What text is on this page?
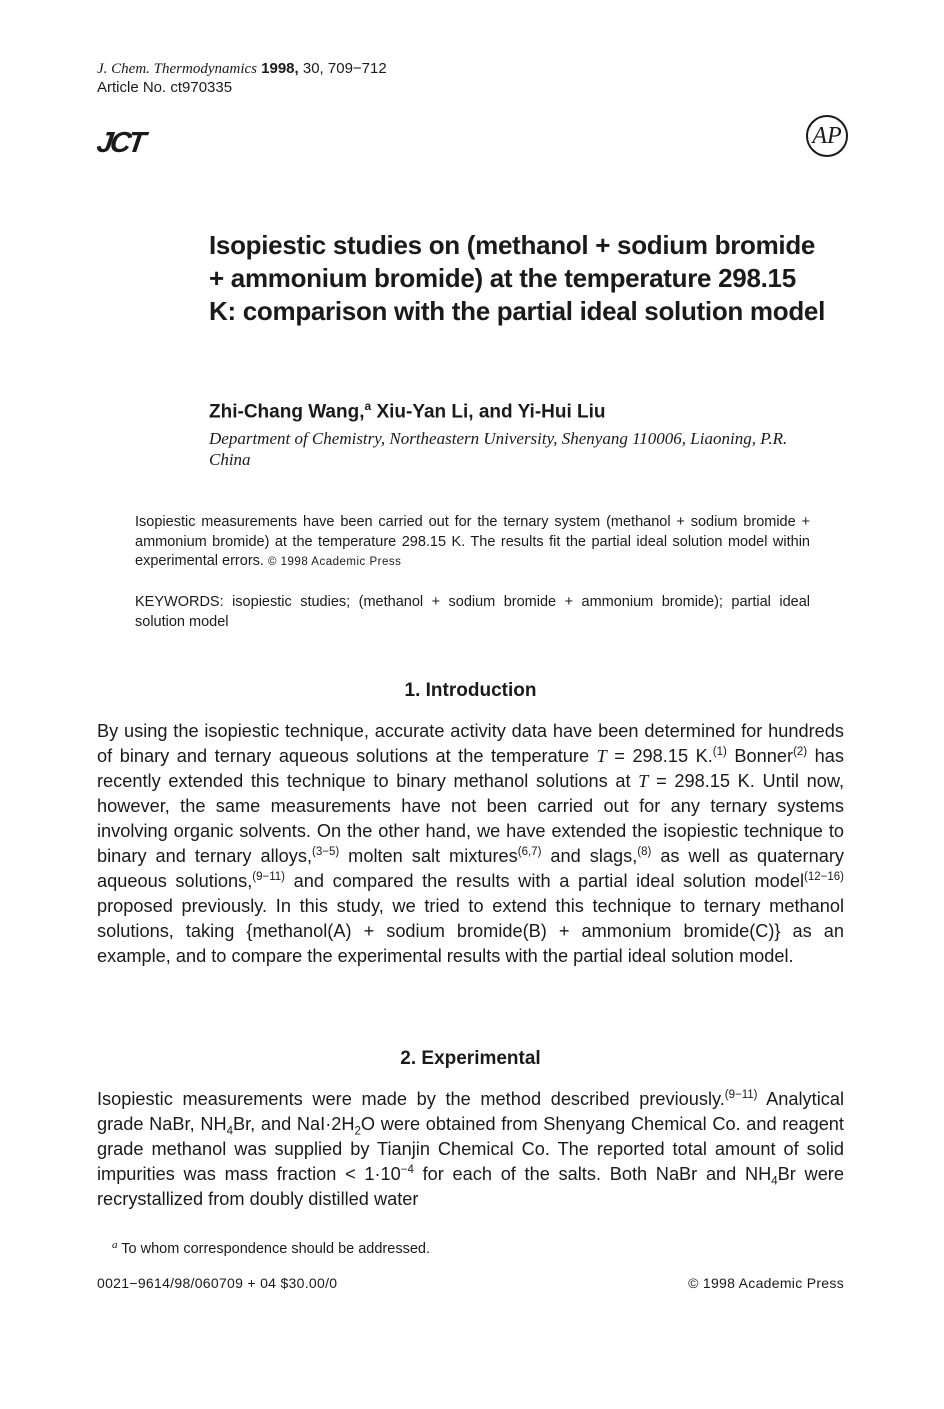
J. Chem. Thermodynamics 1998, 30, 709−712
Article No. ct970335
JCT	AP
Isopiestic studies on (methanol + sodium bromide + ammonium bromide) at the temperature 298.15 K: comparison with the partial ideal solution model
Zhi-Chang Wang,$^a$ Xiu-Yan Li, and Yi-Hui Liu
Department of Chemistry, Northeastern University, Shenyang 110006, Liaoning, P.R. China
Isopiestic measurements have been carried out for the ternary system (methanol + sodium bromide + ammonium bromide) at the temperature 298.15 K. The results fit the partial ideal solution model within experimental errors. © 1998 Academic Press
KEYWORDS: isopiestic studies; (methanol + sodium bromide + ammonium bromide); partial ideal solution model
1. Introduction
By using the isopiestic technique, accurate activity data have been determined for hundreds of binary and ternary aqueous solutions at the temperature T = 298.15 K.$^{(1)}$ Bonner$^{(2)}$ has recently extended this technique to binary methanol solutions at T = 298.15 K. Until now, however, the same measurements have not been carried out for any ternary systems involving organic solvents. On the other hand, we have extended the isopiestic technique to binary and ternary alloys,$^{(3-5)}$ molten salt mixtures$^{(6,7)}$ and slags,$^{(8)}$ as well as quaternary aqueous solutions,$^{(9-11)}$ and compared the results with a partial ideal solution model$^{(12-16)}$ proposed previously. In this study, we tried to extend this technique to ternary methanol solutions, taking {methanol(A) + sodium bromide(B) + ammonium bromide(C)} as an example, and to compare the experimental results with the partial ideal solution model.
2. Experimental
Isopiestic measurements were made by the method described previously.$^{(9-11)}$ Analytical grade NaBr, $NH_4Br$, and $NaI\cdot 2H_2O$ were obtained from Shenyang Chemical Co. and reagent grade methanol was supplied by Tianjin Chemical Co. The reported total amount of solid impurities was mass fraction < $1\cdot 10^{-4}$ for each of the salts. Both NaBr and $NH_4Br$ were recrystallized from doubly distilled water
$^a$ To whom correspondence should be addressed.
0021−9614/98/060709 + 04 $30.00/0	© 1998 Academic Press
